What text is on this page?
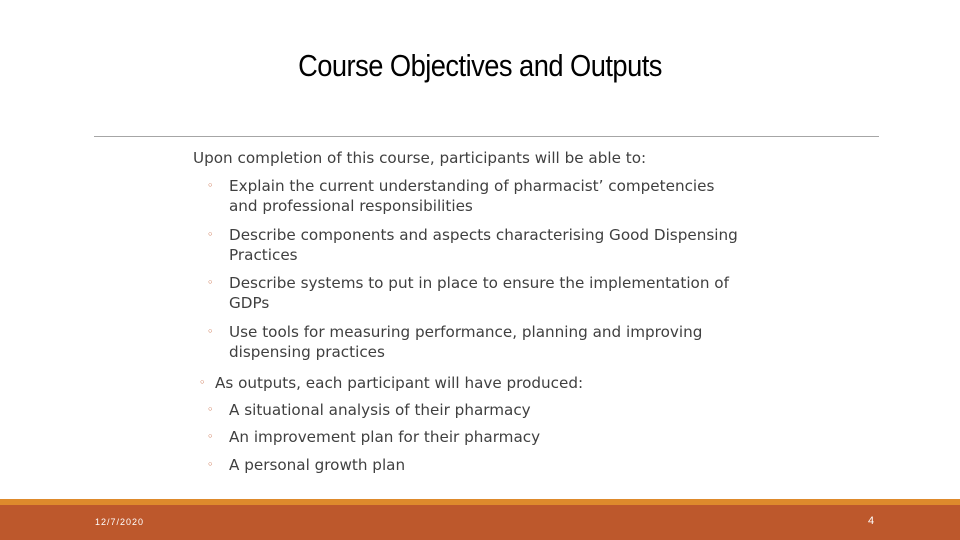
Course Objectives and Outputs
Upon completion of this course, participants will be able to:
◦ Explain the current understanding of pharmacist’ competencies
and professional responsibilities
◦ Describe components and aspects characterising Good Dispensing
Practices
◦ Describe systems to put in place to ensure the implementation of
GDPs
◦ Use tools for measuring performance, planning and improving
dispensing practices
◦ As outputs, each participant will have produced:
◦ A situational analysis of their pharmacy
◦ An improvement plan for their pharmacy
◦ A personal growth plan
12/7/2020	4
